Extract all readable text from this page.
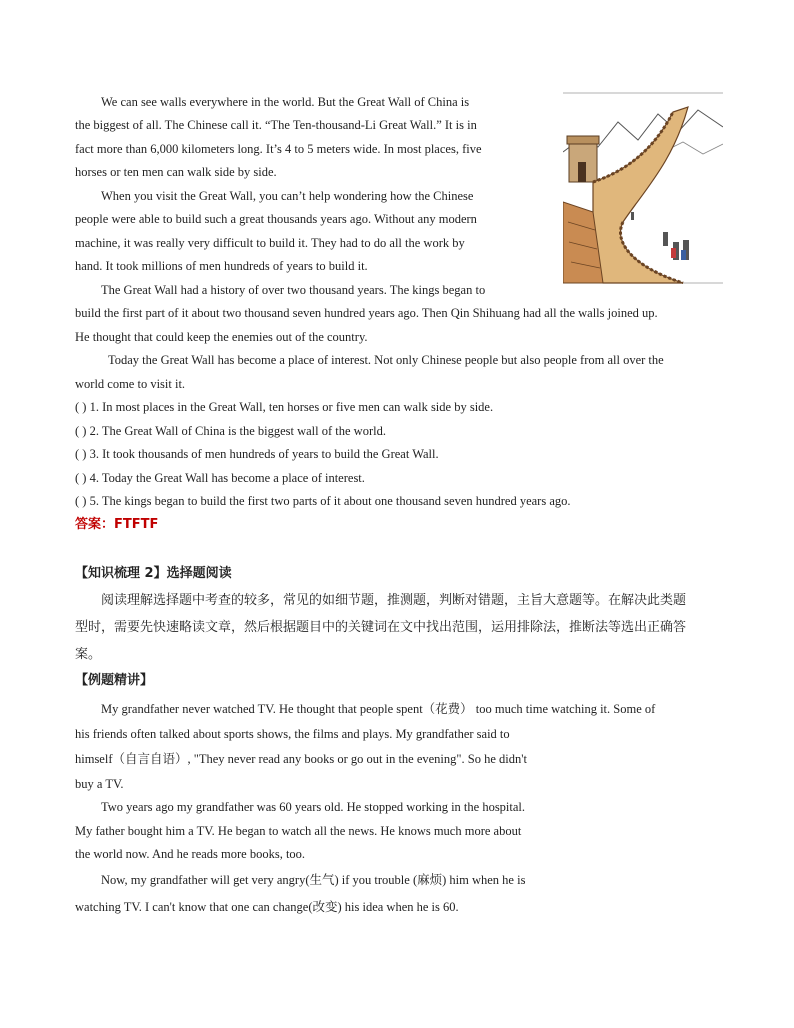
We can see walls everywhere in the world. But the Great Wall of China is
the biggest of all. The Chinese call it. “The Ten-thousand-Li Great Wall.” It is in
fact more than 6,000 kilometers long. It’s 4 to 5 meters wide. In most places, five
horses or ten men can walk side by side.
When you visit the Great Wall, you can’t help wondering how the Chinese
people were able to build such a great thousands years ago. Without any modern
machine, it was really very difficult to build it. They had to do all the work by
hand. It took millions of men hundreds of years to build it.
The Great Wall had a history of over two thousand years. The kings began to
build the first part of it about two thousand seven hundred years ago. Then Qin Shihuang had all the walls joined up.
He thought that could keep the enemies out of the country.
Today the Great Wall has become a place of interest. Not only Chinese people but also people from all over the
world come to visit it.
( ) 1. In most places in the Great Wall, ten horses or five men can walk side by side.
( ) 2. The Great Wall of China is the biggest wall of the world.
( ) 3. It took thousands of men hundreds of years to build the Great Wall.
( ) 4. Today the Great Wall has become a place of interest.
( ) 5. The kings began to build the first two parts of it about one thousand seven hundred years ago.
答案：FTFTF
【知识梳理 2】选择题阅读
阅读理解选择题中考查的较多，常见的如细节题，推测题，判断对错题，主旨大意题等。在解决此类题
型时，需要先快速略读文章，然后根据题目中的关键词在文中找出范围，运用排除法，推断法等选出正确答
案。
【例题精讲】
My grandfather never watched TV. He thought that people spent（花费） too much time watching it. Some of
his friends often talked about sports shows, the films and plays. My grandfather said to
himself（自言自语）, "They never read any books or go out in the evening". So he didn't
buy a TV.
Two years ago my grandfather was 60 years old. He stopped working in the hospital.
My father bought him a TV. He began to watch all the news. He knows much more about
the world now. And he reads more books, too.
Now, my grandfather will get very angry(生气) if you trouble (麻烦) him when he is
watching TV. I can't know that one can change(改变) his idea when he is 60.
